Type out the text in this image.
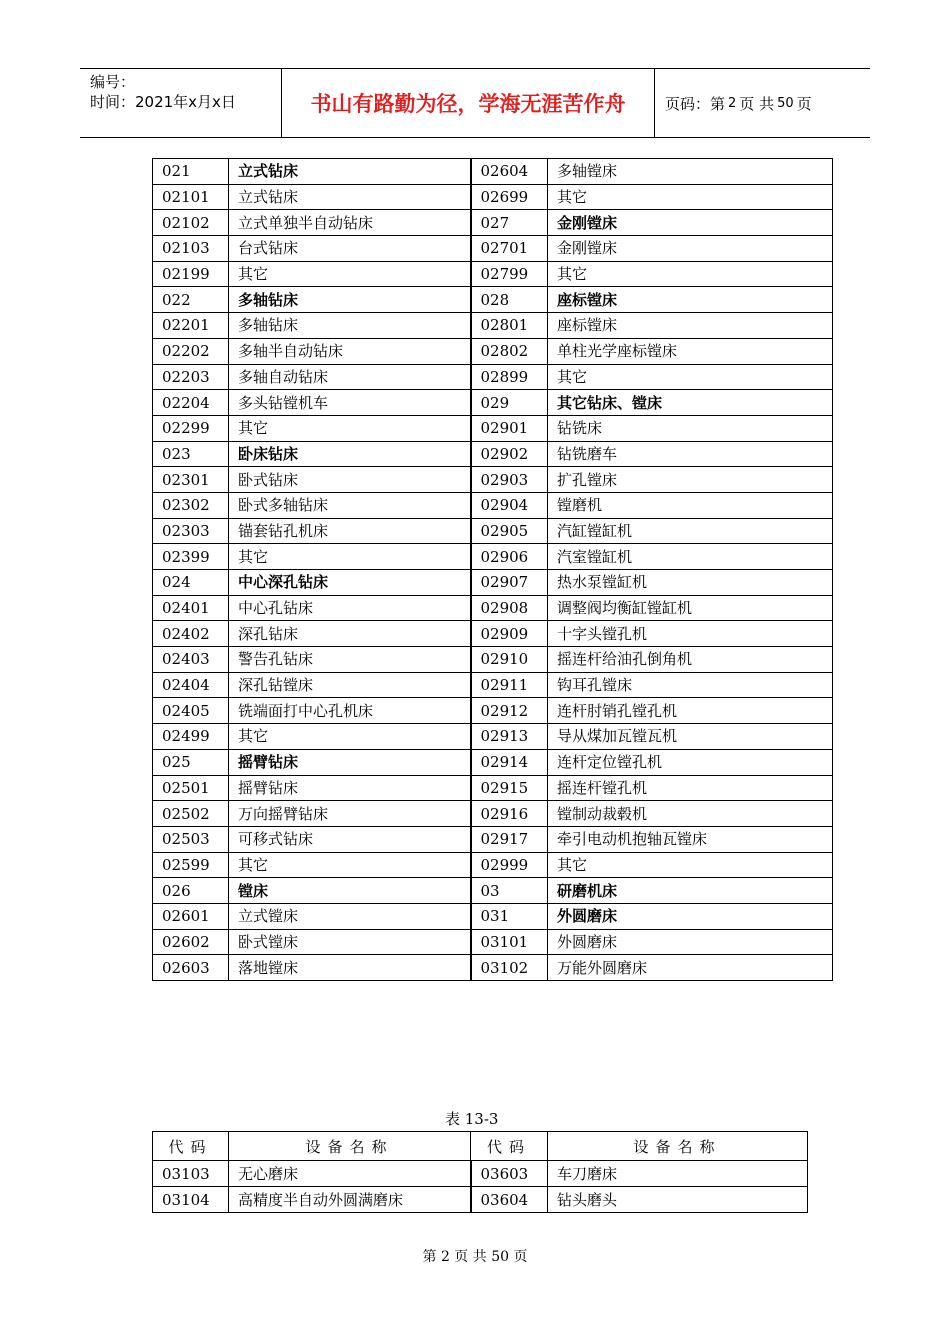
编号：
时间：2021年x月x日	书山有路勤为径，学海无涯苦作舟	页码：第 2 页 共 50 页
021	立式钻床	02604	多轴镗床
02101	立式钻床	02699	其它
02102	立式单独半自动钻床	027	金刚镗床
02103	台式钻床	02701	金刚镗床
02199	其它	02799	其它
022	多轴钻床	028	座标镗床
02201	多轴钻床	02801	座标镗床
02202	多轴半自动钻床	02802	单柱光学座标镗床
02203	多轴自动钻床	02899	其它
02204	多头钻镗机车	029	其它钻床、镗床
02299	其它	02901	钻铣床
023	卧床钻床	02902	钻铣磨车
02301	卧式钻床	02903	扩孔镗床
02302	卧式多轴钻床	02904	镗磨机
02303	锚套钻孔机床	02905	汽缸镗缸机
02399	其它	02906	汽室镗缸机
024	中心深孔钻床	02907	热水泵镗缸机
02401	中心孔钻床	02908	调整阀均衡缸镗缸机
02402	深孔钻床	02909	十字头镗孔机
02403	警告孔钻床	02910	摇连杆给油孔倒角机
02404	深孔钻镗床	02911	钩耳孔镗床
02405	铣端面打中心孔机床	02912	连杆肘销孔镗孔机
02499	其它	02913	导从煤加瓦镗瓦机
025	摇臂钻床	02914	连杆定位镗孔机
02501	摇臂钻床	02915	摇连杆镗孔机
02502	万向摇臂钻床	02916	镗制动裁毂机
02503	可移式钻床	02917	牵引电动机抱轴瓦镗床
02599	其它	02999	其它
026	镗床	03	研磨机床
02601	立式镗床	031	外圆磨床
02602	卧式镗床	03101	外圆磨床
02603	落地镗床	03102	万能外圆磨床
表 13-3
代码	设备名称	代码	设备名称
03103	无心磨床	03603	车刀磨床
03104	高精度半自动外圆满磨床	03604	钻头磨头
第 2 页 共 50 页
